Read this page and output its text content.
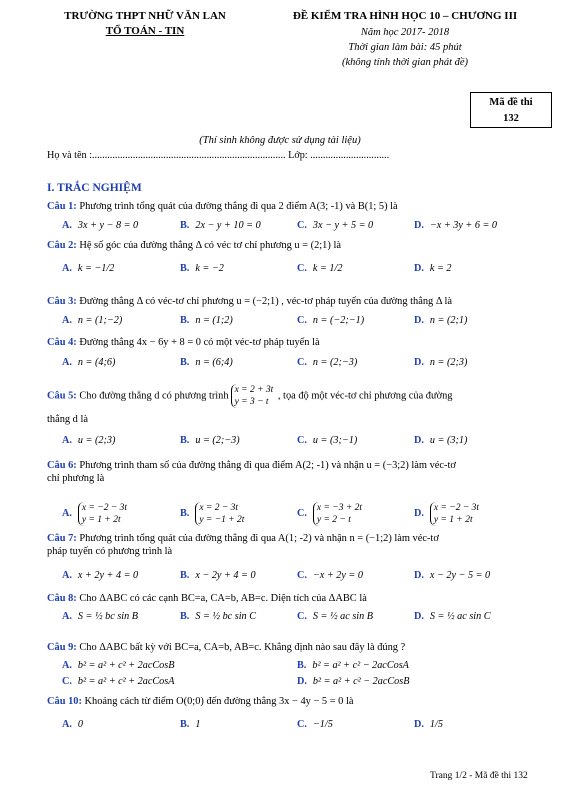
TRƯỜNG THPT NHỮ VĂN LAN
TỔ TOÁN - TIN
ĐỀ KIỂM TRA HÌNH HỌC 10 – CHƯƠNG III
Năm học 2017- 2018
Thời gian làm bài: 45 phút
(không tính thời gian phát đề)
Mã đề thi
132
(Thí sinh không được sử dụng tài liệu)
Họ và tên :............................................................................ Lớp: ...............................
I. TRẮC NGHIỆM
Câu 1: Phương trình tổng quát của đường thẳng đi qua 2 điểm A(3; -1) và B(1; 5) là
A. 3x + y − 8 = 0	B. 2x − y + 10 = 0	C. 3x − y + 5 = 0	D. −x + 3y + 6 = 0
Câu 2: Hệ số góc của đường thẳng Δ có véc tơ chỉ phương u = (2;1) là
A. k = −1/2	B. k = −2	C. k = 1/2	D. k = 2
Câu 3: Đường thẳng Δ có véc-tơ chỉ phương u = (−2;1) , véc-tơ pháp tuyến của đường thẳng Δ là
A. n = (1;−2)	B. n = (1;2)	C. n = (−2;−1)	D. n = (2;1)
Câu 4: Đường thẳng 4x − 6y + 8 = 0 có một véc-tơ pháp tuyến là
A. n = (4;6)	B. n = (6;4)	C. n = (2;−3)	D. n = (2;3)
Câu 5: Cho đường thẳng d có phương trình
x = 2 + 3t
y = 3 − t
, tọa độ một véc-tơ chỉ phương của đường
thẳng d là
A. u = (2;3)	B. u = (2;−3)	C. u = (3;−1)	D. u = (3;1)
Câu 6: Phương trình tham số của đường thẳng đi qua điểm A(2; -1) và nhận u = (−3;2) làm véc-tơ
chỉ phương là
A.
x = −2 − 3t
y = 1 + 2t
B.
x = 2 − 3t
y = −1 + 2t
C.
x = −3 + 2t
y = 2 − t
D.
x = −2 − 3t
y = 1 + 2t
Câu 7: Phương trình tổng quát của đường thẳng đi qua A(1; -2) và nhận n = (−1;2) làm véc-tơ
pháp tuyến có phương trình là
A. x + 2y + 4 = 0	B. x − 2y + 4 = 0	C. −x + 2y = 0	D. x − 2y − 5 = 0
Câu 8: Cho ΔABC có các cạnh BC=a, CA=b, AB=c. Diện tích của ΔABC là
A. S = ½ bc sin B	B. S = ½ bc sin C	C. S = ½ ac sin B	D. S = ½ ac sin C
Câu 9: Cho ΔABC bất kỳ với BC=a, CA=b, AB=c. Khẳng định nào sau đây là đúng ?
A. b² = a² + c² + 2acCosB	B. b² = a² + c² − 2acCosA
C. b² = a² + c² + 2acCosA	D. b² = a² + c² − 2acCosB
Câu 10: Khoảng cách từ điểm O(0;0) đến đường thẳng 3x − 4y − 5 = 0 là
A. 0	B. 1	C. −1/5	D. 1/5
Trang 1/2 - Mã đề thi 132
